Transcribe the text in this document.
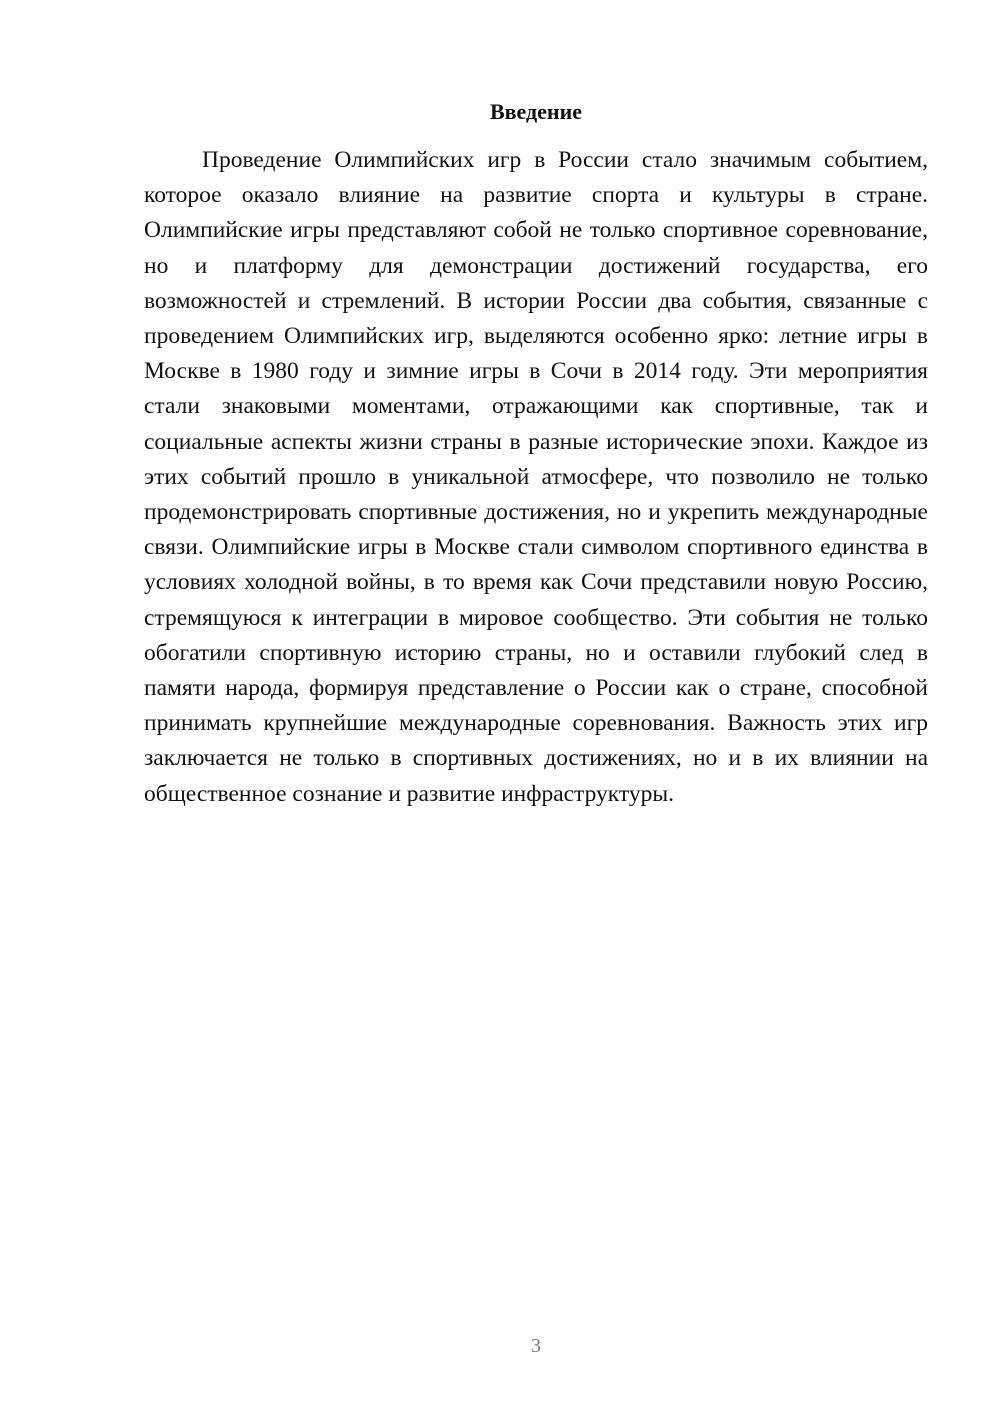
Введение

Проведение Олимпийских игр в России стало значимым событием, которое оказало влияние на развитие спорта и культуры в стране. Олимпийские игры представляют собой не только спортивное соревнование, но и платформу для демонстрации достижений государства, его возможностей и стремлений. В истории России два события, связанные с проведением Олимпийских игр, выделяются особенно ярко: летние игры в Москве в 1980 году и зимние игры в Сочи в 2014 году. Эти мероприятия стали знаковыми моментами, отражающими как спортивные, так и социальные аспекты жизни страны в разные исторические эпохи. Каждое из этих событий прошло в уникальной атмосфере, что позволило не только продемонстрировать спортивные достижения, но и укрепить международные связи. Олимпийские игры в Москве стали символом спортивного единства в условиях холодной войны, в то время как Сочи представили новую Россию, стремящуюся к интеграции в мировое сообщество. Эти события не только обогатили спортивную историю страны, но и оставили глубокий след в памяти народа, формируя представление о России как о стране, способной принимать крупнейшие международные соревнования. Важность этих игр заключается не только в спортивных достижениях, но и в их влиянии на общественное сознание и развитие инфраструктуры.

3
